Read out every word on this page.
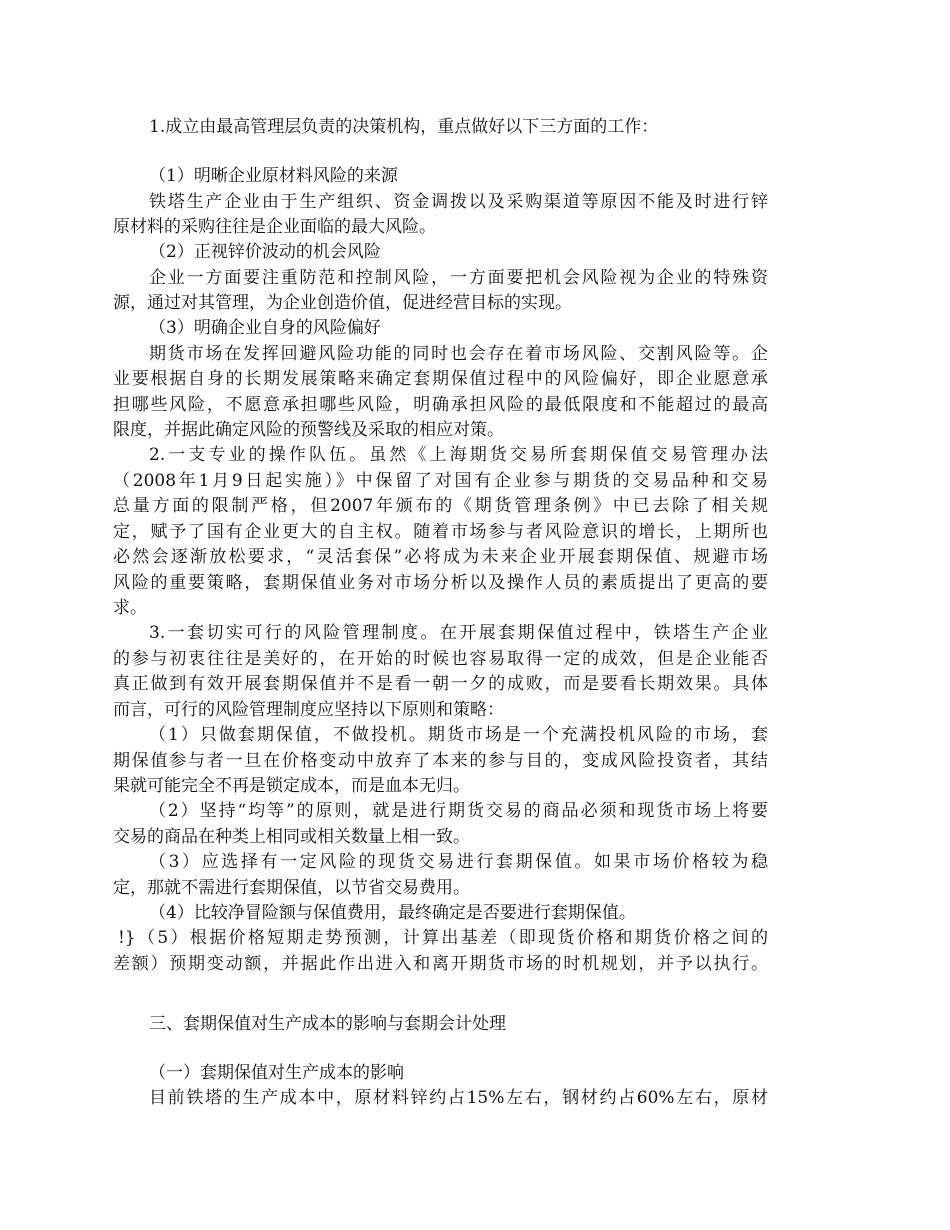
1.成立由最高管理层负责的决策机构，重点做好以下三方面的工作：
（1）明晰企业原材料风险的来源
铁塔生产企业由于生产组织、资金调拨以及采购渠道等原因不能及时进行锌
原材料的采购往往是企业面临的最大风险。
（2）正视锌价波动的机会风险
企业一方面要注重防范和控制风险，一方面要把机会风险视为企业的特殊资
源，通过对其管理，为企业创造价值，促进经营目标的实现。
（3）明确企业自身的风险偏好
期货市场在发挥回避风险功能的同时也会存在着市场风险、交割风险等。企
业要根据自身的长期发展策略来确定套期保值过程中的风险偏好，即企业愿意承
担哪些风险，不愿意承担哪些风险，明确承担风险的最低限度和不能超过的最高
限度，并据此确定风险的预警线及采取的相应对策。
2.一支专业的操作队伍。虽然《上海期货交易所套期保值交易管理办法
（2008年1月9日起实施）》中保留了对国有企业参与期货的交易品种和交易
总量方面的限制严格，但2007年颁布的《期货管理条例》中已去除了相关规
定，赋予了国有企业更大的自主权。随着市场参与者风险意识的增长，上期所也
必然会逐渐放松要求，“灵活套保”必将成为未来企业开展套期保值、规避市场
风险的重要策略，套期保值业务对市场分析以及操作人员的素质提出了更高的要
求。
3.一套切实可行的风险管理制度。在开展套期保值过程中，铁塔生产企业
的参与初衷往往是美好的，在开始的时候也容易取得一定的成效，但是企业能否
真正做到有效开展套期保值并不是看一朝一夕的成败，而是要看长期效果。具体
而言，可行的风险管理制度应坚持以下原则和策略：
（1）只做套期保值，不做投机。期货市场是一个充满投机风险的市场，套
期保值参与者一旦在价格变动中放弃了本来的参与目的，变成风险投资者，其结
果就可能完全不再是锁定成本，而是血本无归。
（2）坚持“均等”的原则，就是进行期货交易的商品必须和现货市场上将要
交易的商品在种类上相同或相关数量上相一致。
（3）应选择有一定风险的现货交易进行套期保值。如果市场价格较为稳
定，那就不需进行套期保值，以节省交易费用。
（4）比较净冒险额与保值费用，最终确定是否要进行套期保值。
!}（5）根据价格短期走势预测，计算出基差（即现货价格和期货价格之间的
差额）预期变动额，并据此作出进入和离开期货市场的时机规划，并予以执行。
三、套期保值对生产成本的影响与套期会计处理
（一）套期保值对生产成本的影响
目前铁塔的生产成本中，原材料锌约占15%左右，钢材约占60%左右，原材
